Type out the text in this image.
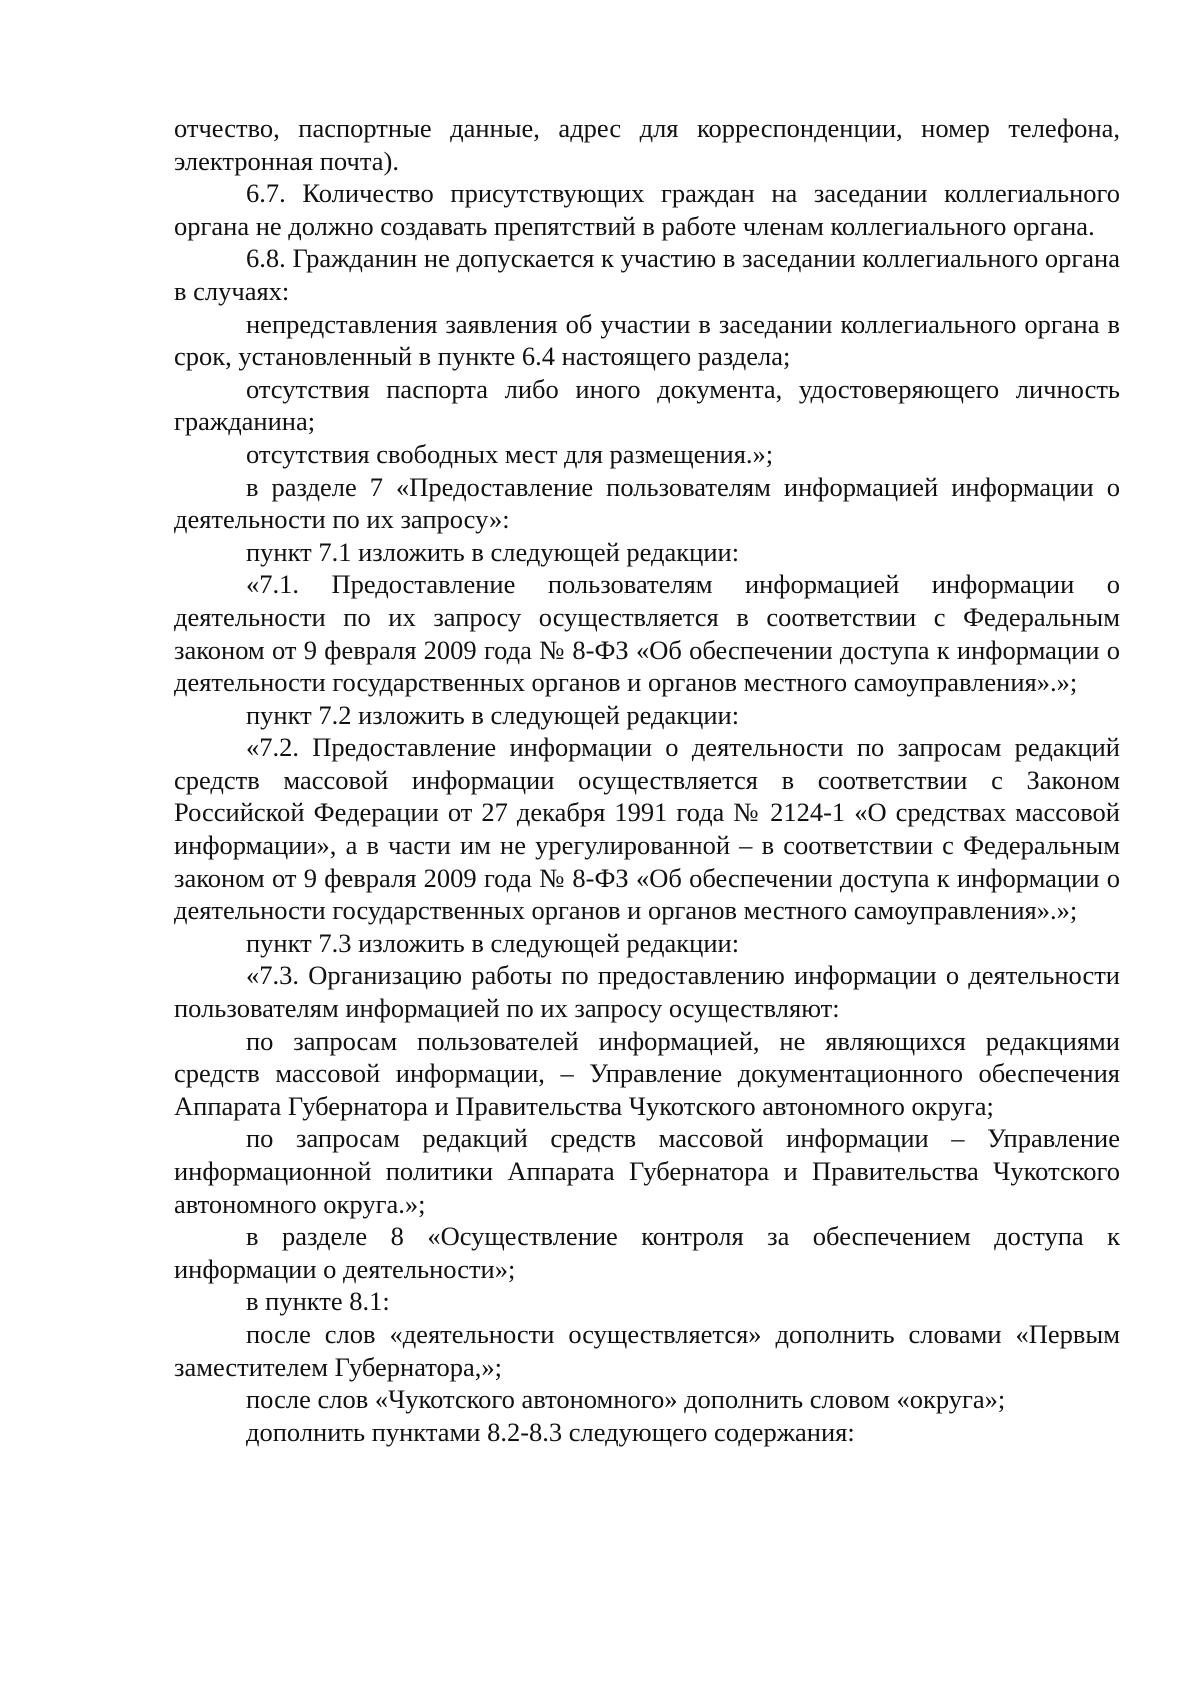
отчество, паспортные данные, адрес для корреспонденции, номер телефона, электронная почта).

6.7. Количество присутствующих граждан на заседании коллегиального органа не должно создавать препятствий в работе членам коллегиального органа.

6.8. Гражданин не допускается к участию в заседании коллегиального органа в случаях:

непредставления заявления об участии в заседании коллегиального органа в срок, установленный в пункте 6.4 настоящего раздела;

отсутствия паспорта либо иного документа, удостоверяющего личность гражданина;

отсутствия свободных мест для размещения.»;

в разделе 7 «Предоставление пользователям информацией информации о деятельности по их запросу»:

пункт 7.1 изложить в следующей редакции:

«7.1. Предоставление пользователям информацией информации о деятельности по их запросу осуществляется в соответствии с Федеральным законом от 9 февраля 2009 года № 8-ФЗ «Об обеспечении доступа к информации о деятельности государственных органов и органов местного самоуправления».»;

пункт 7.2 изложить в следующей редакции:

«7.2. Предоставление информации о деятельности по запросам редакций средств массовой информации осуществляется в соответствии с Законом Российской Федерации от 27 декабря 1991 года № 2124-1 «О средствах массовой информации», а в части им не урегулированной – в соответствии с Федеральным законом от 9 февраля 2009 года № 8-ФЗ «Об обеспечении доступа к информации о деятельности государственных органов и органов местного самоуправления».»;

пункт 7.3 изложить в следующей редакции:

«7.3. Организацию работы по предоставлению информации о деятельности пользователям информацией по их запросу осуществляют:

по запросам пользователей информацией, не являющихся редакциями средств массовой информации, – Управление документационного обеспечения Аппарата Губернатора и Правительства Чукотского автономного округа;

по запросам редакций средств массовой информации – Управление информационной политики Аппарата Губернатора и Правительства Чукотского автономного округа.»;

в разделе 8 «Осуществление контроля за обеспечением доступа к информации о деятельности»;

в пункте 8.1:

после слов «деятельности осуществляется» дополнить словами «Первым заместителем Губернатора,»;

после слов «Чукотского автономного» дополнить словом «округа»;

дополнить пунктами 8.2-8.3 следующего содержания:
